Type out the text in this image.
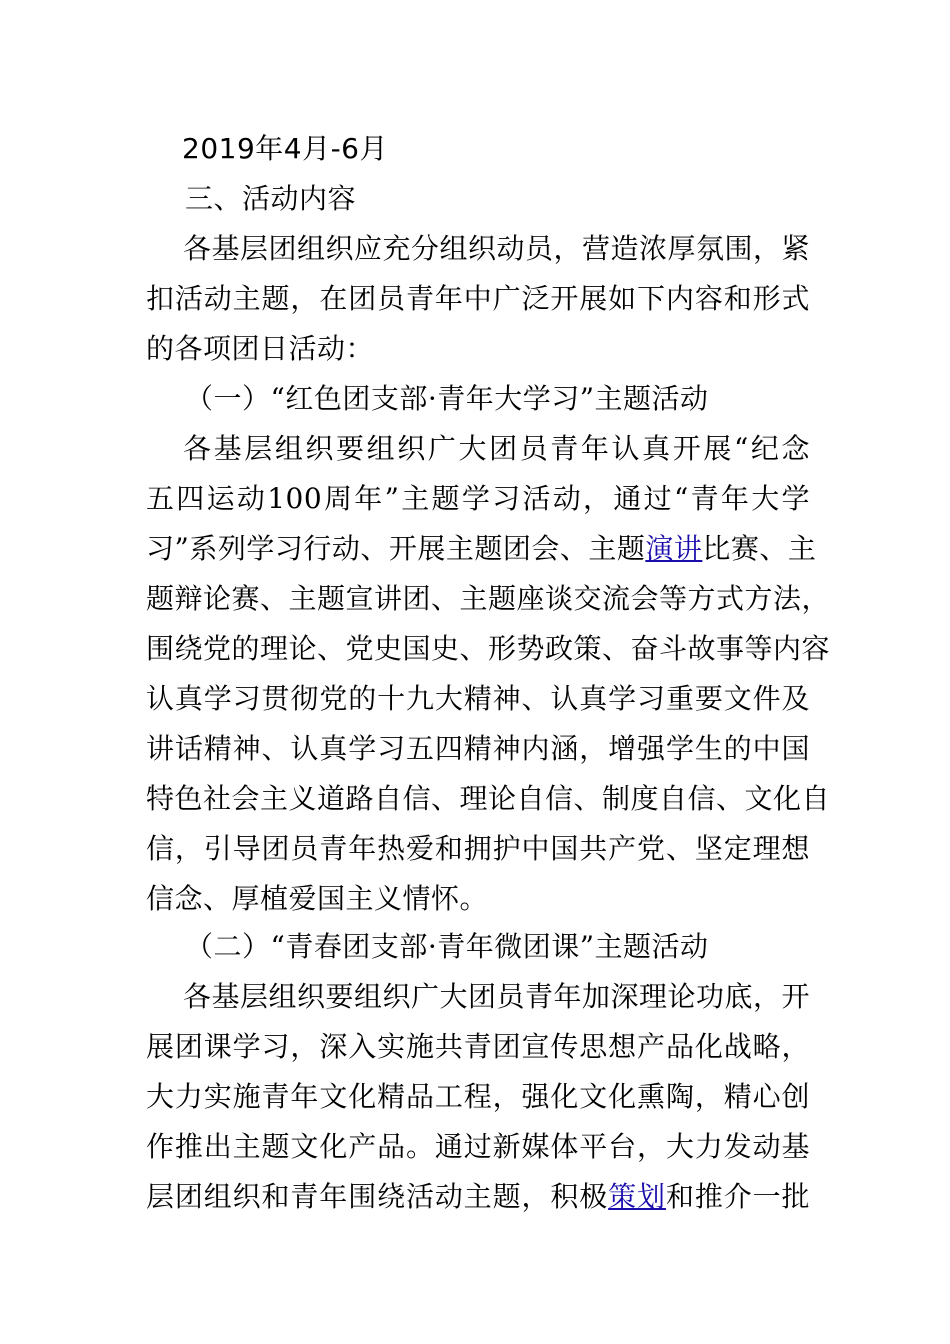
2019年4月-6月
三、活动内容
各基层团组织应充分组织动员，营造浓厚氛围，紧
扣活动主题，在团员青年中广泛开展如下内容和形式
的各项团日活动：
（一）“红色团支部·青年大学习”主题活动
各基层组织要组织广大团员青年认真开展“纪念
五四运动100周年”主题学习活动，通过“青年大学
习”系列学习行动、开展主题团会、主题演讲比赛、主
题辩论赛、主题宣讲团、主题座谈交流会等方式方法，
围绕党的理论、党史国史、形势政策、奋斗故事等内容
认真学习贯彻党的十九大精神、认真学习重要文件及
讲话精神、认真学习五四精神内涵，增强学生的中国
特色社会主义道路自信、理论自信、制度自信、文化自
信，引导团员青年热爱和拥护中国共产党、坚定理想
信念、厚植爱国主义情怀。
（二）“青春团支部·青年微团课”主题活动
各基层组织要组织广大团员青年加深理论功底，开
展团课学习，深入实施共青团宣传思想产品化战略，
大力实施青年文化精品工程，强化文化熏陶，精心创
作推出主题文化产品。通过新媒体平台，大力发动基
层团组织和青年围绕活动主题，积极策划和推介一批
